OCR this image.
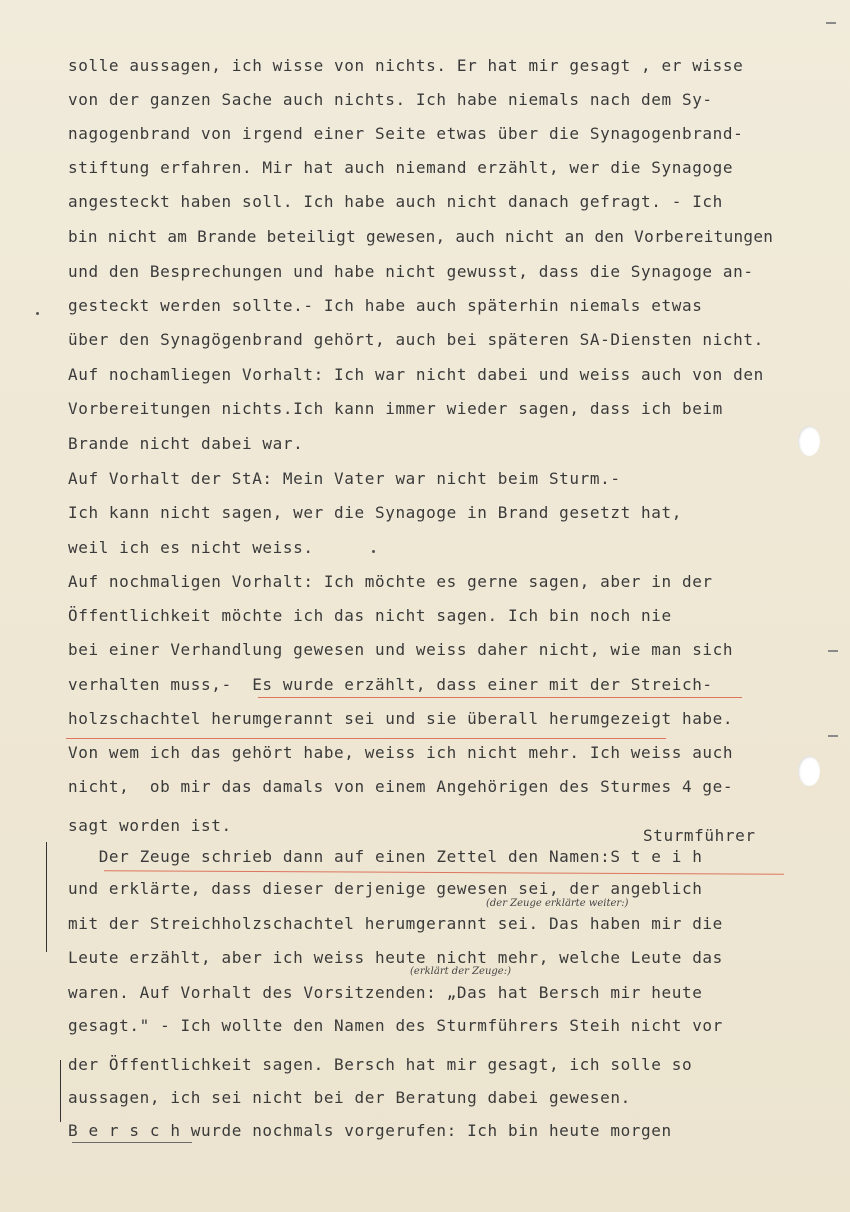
solle aussagen, ich wisse von nichts. Er hat mir gesagt , er wisse
von der ganzen Sache auch nichts. Ich habe niemals nach dem Sy-
nagogenbrand von irgend einer Seite etwas über die Synagogenbrand-
stiftung erfahren. Mir hat auch niemand erzählt, wer die Synagoge
angesteckt haben soll. Ich habe auch nicht danach gefragt. - Ich
bin nicht am Brande beteiligt gewesen, auch nicht an den Vorbereitungen
und den Besprechungen und habe nicht gewusst, dass die Synagoge an-
gesteckt werden sollte.- Ich habe auch späterhin niemals etwas
über den Synagögenbrand gehört, auch bei späteren SA-Diensten nicht.
Auf nochamliegen Vorhalt: Ich war nicht dabei und weiss auch von den
Vorbereitungen nichts.Ich kann immer wieder sagen, dass ich beim
Brande nicht dabei war.
Auf Vorhalt der StA: Mein Vater war nicht beim Sturm.-
Ich kann nicht sagen, wer die Synagoge in Brand gesetzt hat,
weil ich es nicht weiss.
Auf nochmaligen Vorhalt: Ich möchte es gerne sagen, aber in der
Öffentlichkeit möchte ich das nicht sagen. Ich bin noch nie
bei einer Verhandlung gewesen und weiss daher nicht, wie man sich
verhalten muss,-  Es wurde erzählt, dass einer mit der Streich-
holzschachtel herumgerannt sei und sie überall herumgezeigt habe.
Von wem ich das gehört habe, weiss ich nicht mehr. Ich weiss auch
nicht,  ob mir das damals von einem Angehörigen des Sturmes 4 ge-
sagt worden ist.
Sturmführer
Der Zeuge schrieb dann auf einen Zettel den Namen:S t e i h
und erklärte, dass dieser derjenige gewesen sei, der angeblich
(der Zeuge erklärte weiter:)
mit der Streichholzschachtel herumgerannt sei. Das haben mir die
Leute erzählt, aber ich weiss heute nicht mehr, welche Leute das
(erklärt der Zeuge:)
waren. Auf Vorhalt des Vorsitzenden: „Das hat Bersch mir heute
gesagt." - Ich wollte den Namen des Sturmführers Steih nicht vor
der Öffentlichkeit sagen. Bersch hat mir gesagt, ich solle so
aussagen, ich sei nicht bei der Beratung dabei gewesen.
B e r s c h wurde nochmals vorgerufen: Ich bin heute morgen
